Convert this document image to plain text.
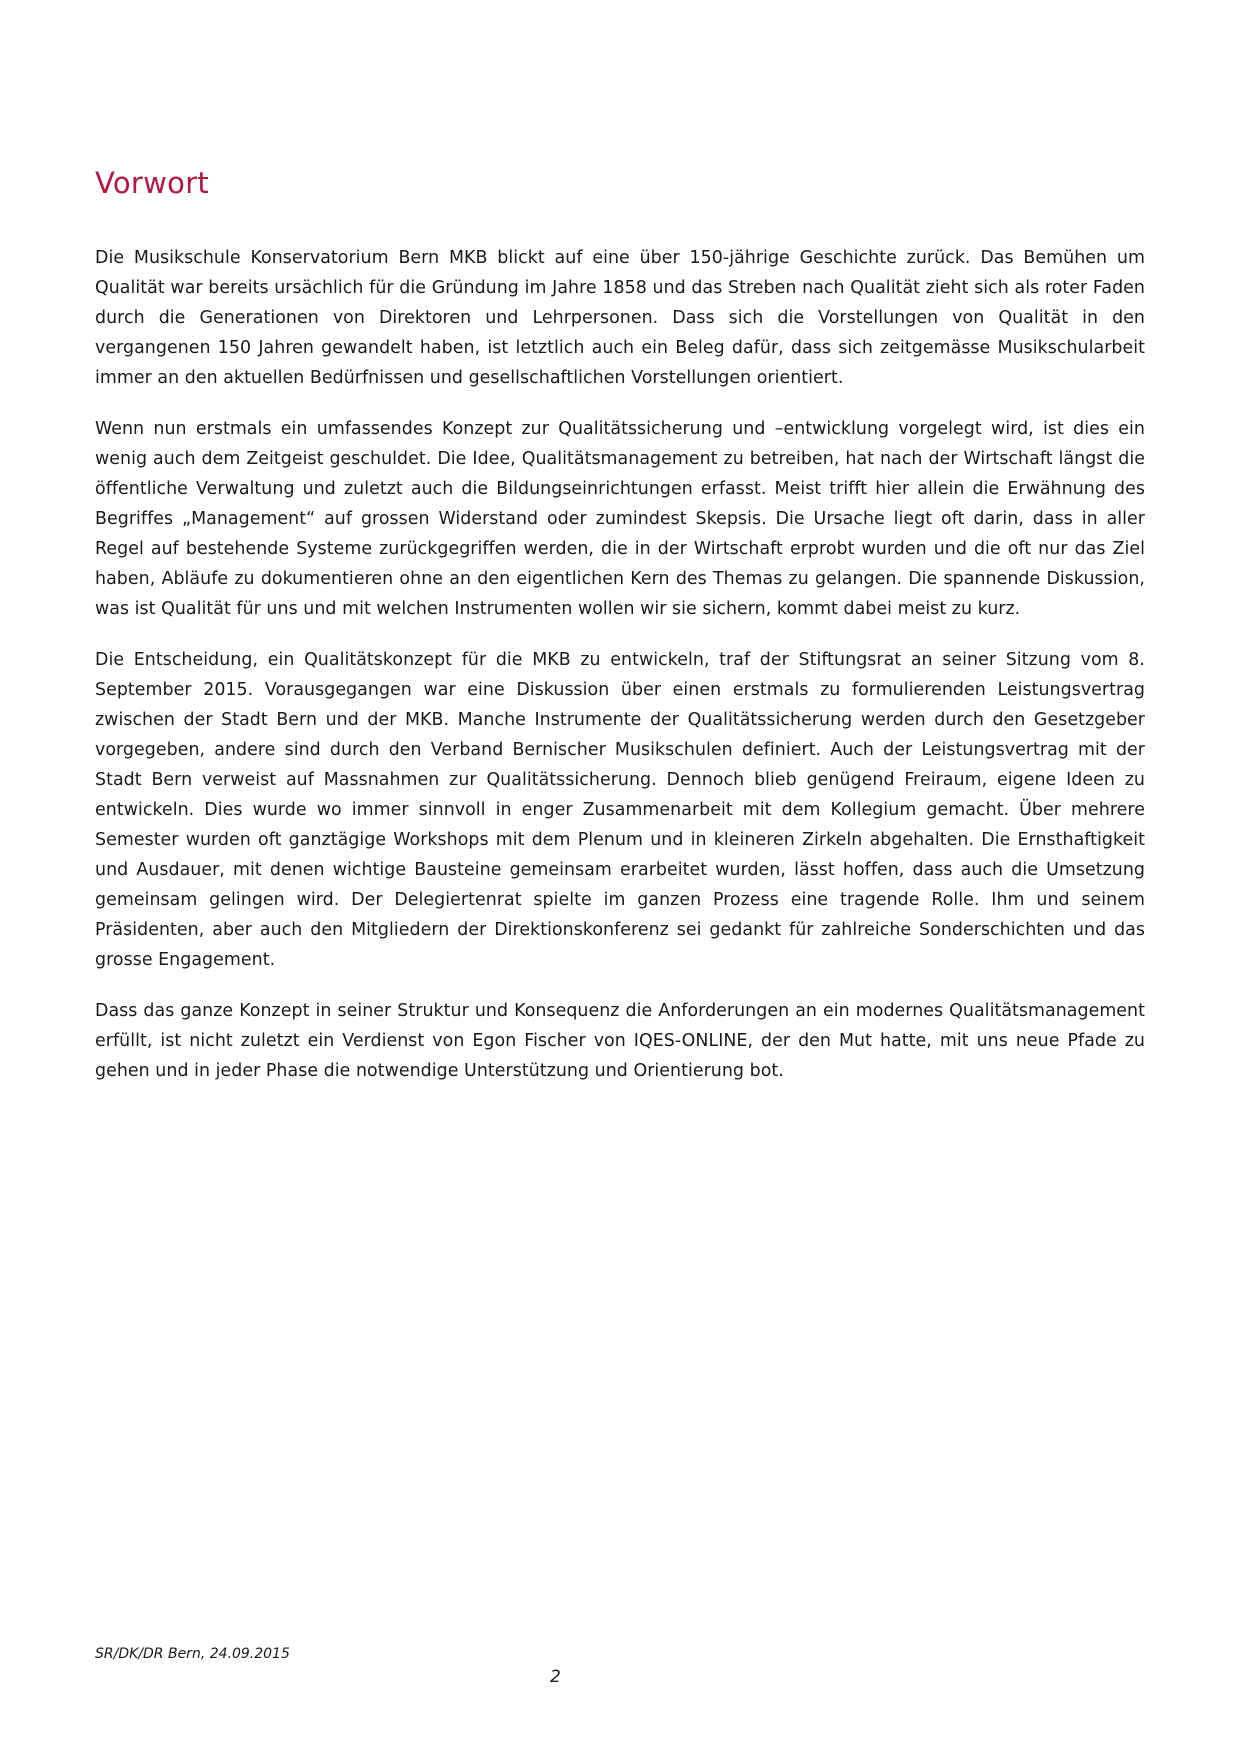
Vorwort

Die Musikschule Konservatorium Bern MKB blickt auf eine über 150-jährige Geschichte zurück. Das Bemühen um Qualität war bereits ursächlich für die Gründung im Jahre 1858 und das Streben nach Qualität zieht sich als roter Faden durch die Generationen von Direktoren und Lehrpersonen. Dass sich die Vorstellungen von Qualität in den vergangenen 150 Jahren gewandelt haben, ist letztlich auch ein Beleg dafür, dass sich zeitgemässe Musikschularbeit immer an den aktuellen Bedürfnissen und gesellschaftlichen Vorstellungen orientiert.

Wenn nun erstmals ein umfassendes Konzept zur Qualitätssicherung und –entwicklung vorgelegt wird, ist dies ein wenig auch dem Zeitgeist geschuldet. Die Idee, Qualitätsmanagement zu betreiben, hat nach der Wirtschaft längst die öffentliche Verwaltung und zuletzt auch die Bildungseinrichtungen erfasst. Meist trifft hier allein die Erwähnung des Begriffes „Management“ auf grossen Widerstand oder zumindest Skepsis. Die Ursache liegt oft darin, dass in aller Regel auf bestehende Systeme zurückgegriffen werden, die in der Wirtschaft erprobt wurden und die oft nur das Ziel haben, Abläufe zu dokumentieren ohne an den eigentlichen Kern des Themas zu gelangen. Die spannende Diskussion, was ist Qualität für uns und mit welchen Instrumenten wollen wir sie sichern, kommt dabei meist zu kurz.

Die Entscheidung, ein Qualitätskonzept für die MKB zu entwickeln, traf der Stiftungsrat an seiner Sitzung vom 8. September 2015. Vorausgegangen war eine Diskussion über einen erstmals zu formulierenden Leistungsvertrag zwischen der Stadt Bern und der MKB. Manche Instrumente der Qualitätssicherung werden durch den Gesetzgeber vorgegeben, andere sind durch den Verband Bernischer Musikschulen definiert. Auch der Leistungsvertrag mit der Stadt Bern verweist auf Massnahmen zur Qualitätssicherung. Dennoch blieb genügend Freiraum, eigene Ideen zu entwickeln. Dies wurde wo immer sinnvoll in enger Zusammenarbeit mit dem Kollegium gemacht. Über mehrere Semester wurden oft ganztägige Workshops mit dem Plenum und in kleineren Zirkeln abgehalten. Die Ernsthaftigkeit und Ausdauer, mit denen wichtige Bausteine gemeinsam erarbeitet wurden, lässt hoffen, dass auch die Umsetzung gemeinsam gelingen wird. Der Delegiertenrat spielte im ganzen Prozess eine tragende Rolle. Ihm und seinem Präsidenten, aber auch den Mitgliedern der Direktionskonferenz sei gedankt für zahlreiche Sonderschichten und das grosse Engagement.

Dass das ganze Konzept in seiner Struktur und Konsequenz die Anforderungen an ein modernes Qualitätsmanagement erfüllt, ist nicht zuletzt ein Verdienst von Egon Fischer von IQES-ONLINE, der den Mut hatte, mit uns neue Pfade zu gehen und in jeder Phase die notwendige Unterstützung und Orientierung bot.

SR/DK/DR Bern, 24.09.2015
2
